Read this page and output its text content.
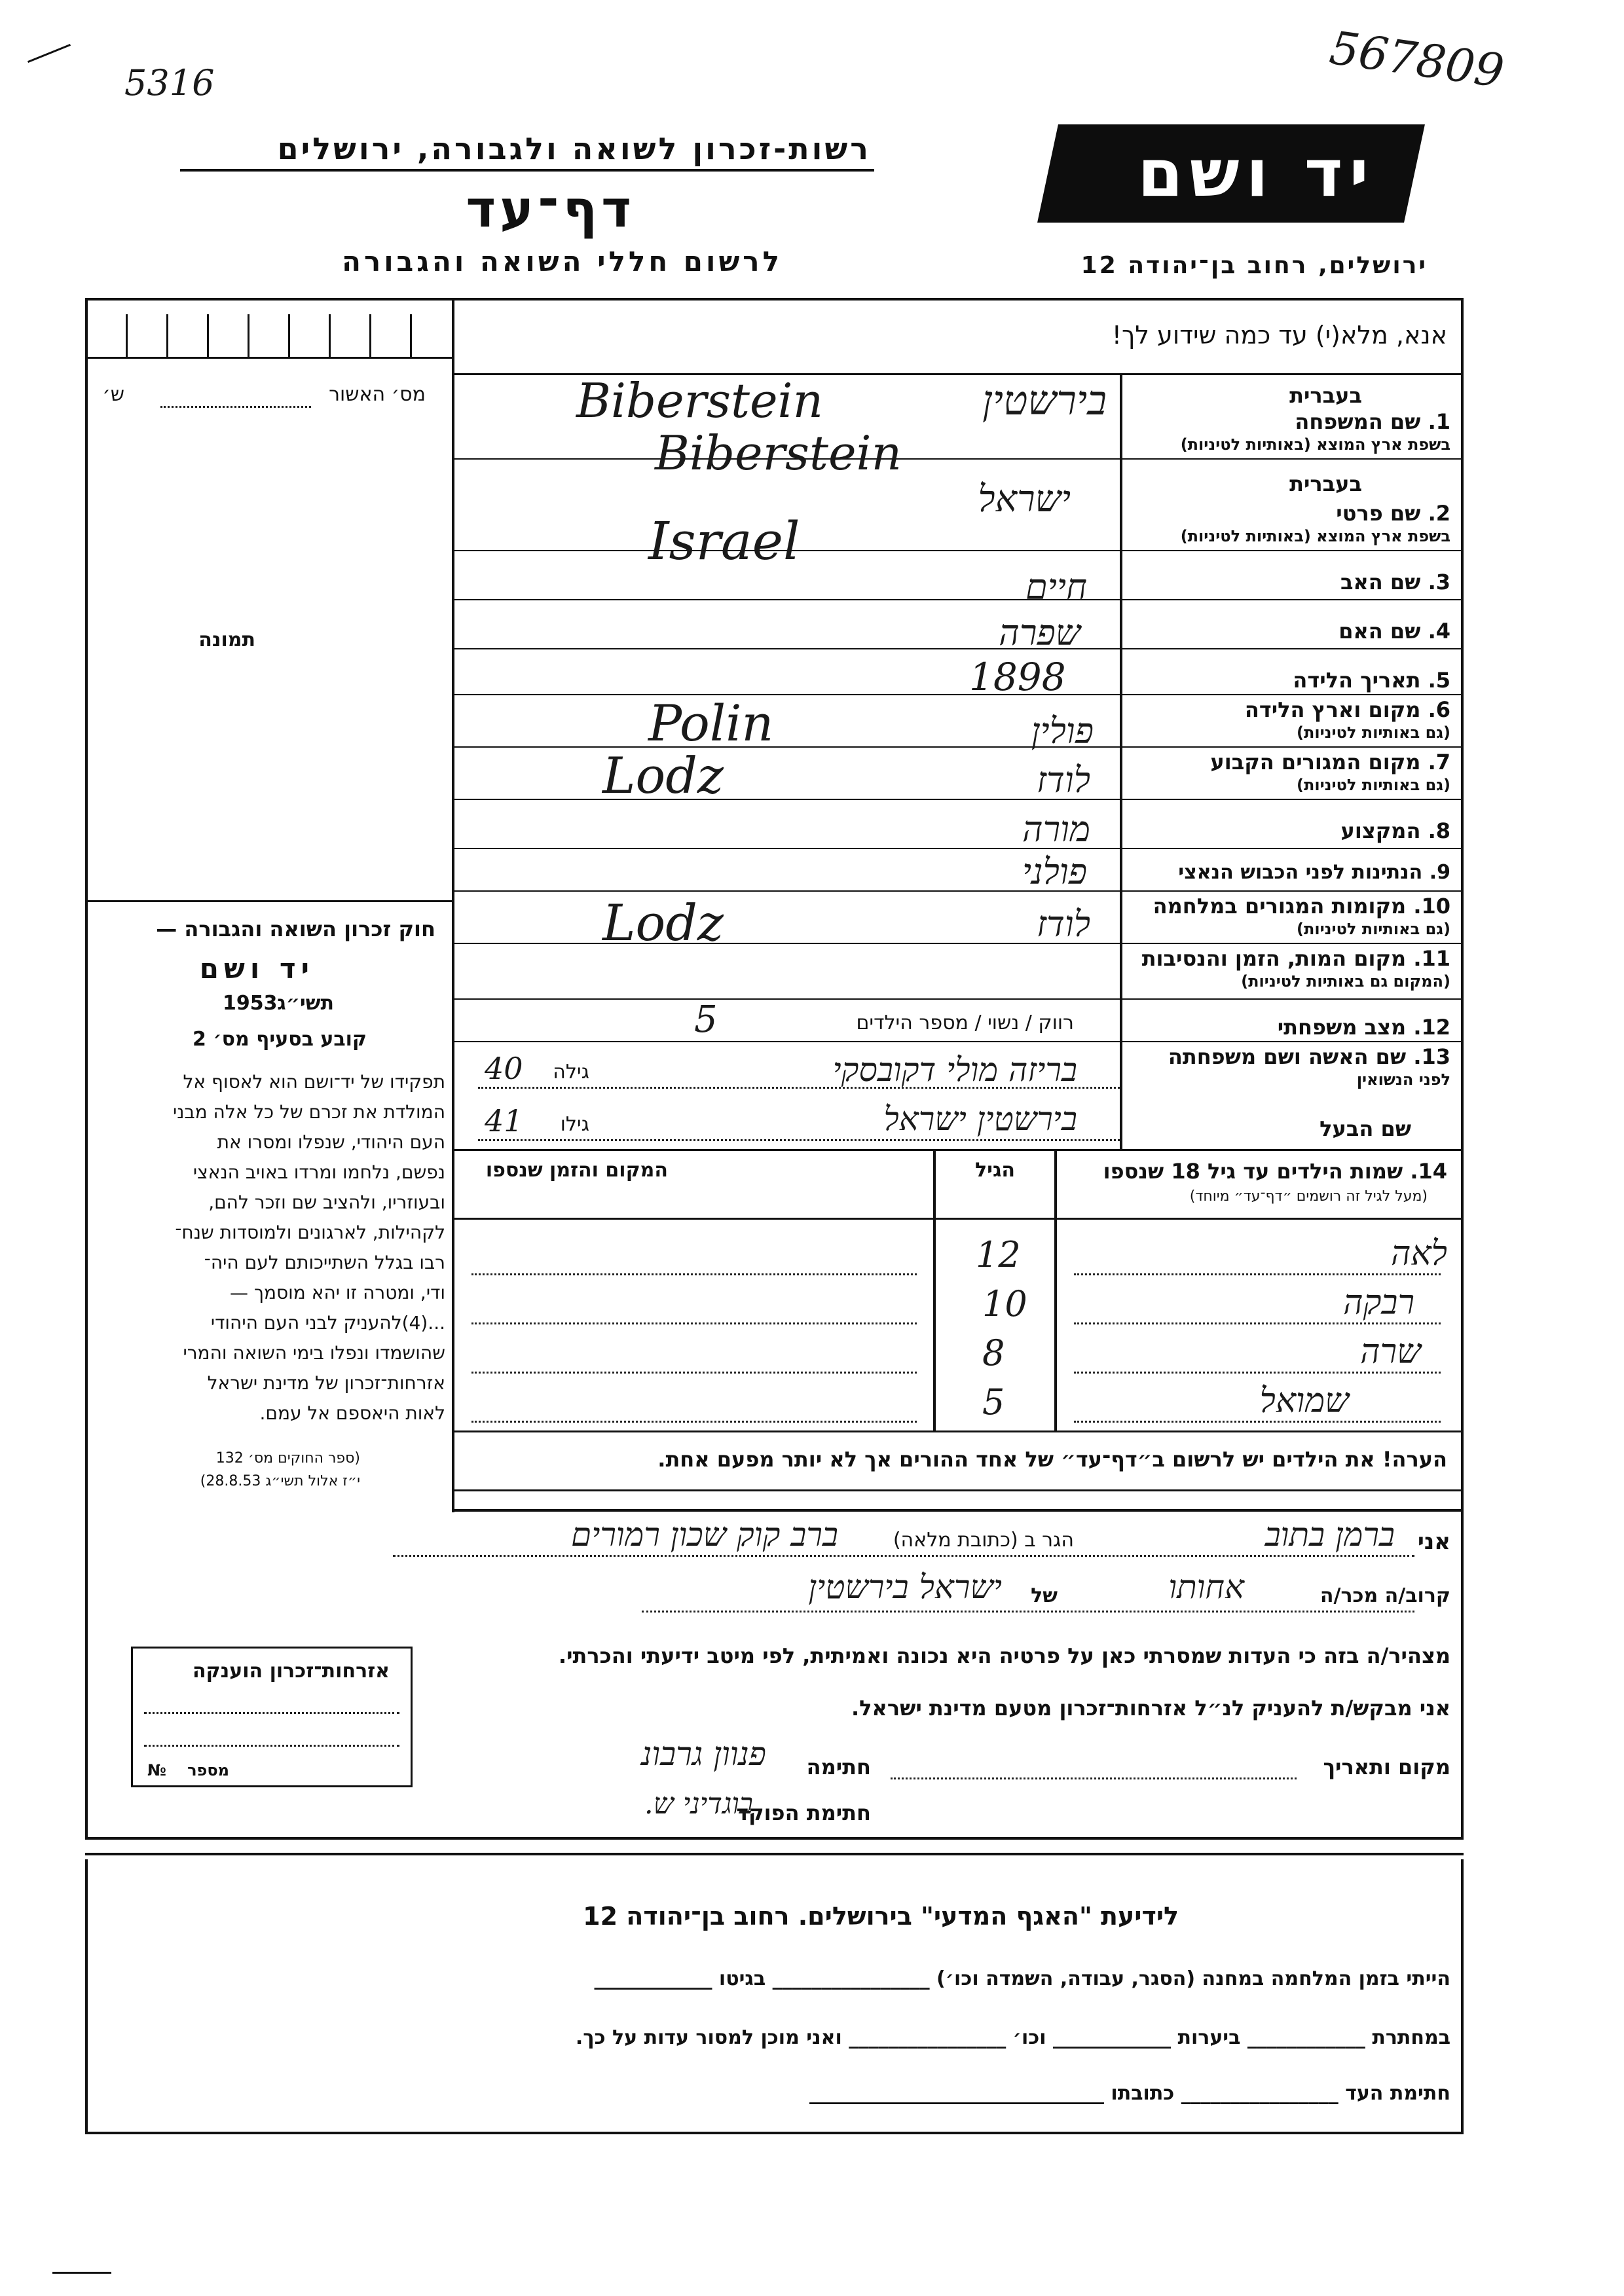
5316	567809
רשות-זכרון לשואה ולגבורה, ירושלים
דף־עד
לרשום חללי השואה והגבורה
יד ושם
ירושלים, רחוב בן־יהודה 12
אנא, מלא(י) עד כמה שידוע לך!
מס׳ האשור
ש׳
תמונה
בעברית
בעברית
1. שם המשפחה
בשפת ארץ המוצא (באותיות לטיניות)
2. שם פרטי
בשפת ארץ המוצא (באותיות לטיניות)
3. שם האב
4. שם האם
5. תאריך הלידה
6. מקום וארץ הלידה
(גם באותיות לטיניות)
7. מקום המגורים הקבוע
(גם באותיות לטיניות)
8. המקצוע
9. הנתינות לפני הכבוש הנאצי
10. מקומות המגורים במלחמה
(גם באותיות לטיניות)
11. מקום המות, הזמן והנסיבות
(המקום גם באותיות לטיניות)
12. מצב משפחתי
13. שם האשה ושם משפחתה
לפני הנשואין
שם הבעל
בירשטין
Biberstein
Biberstein
ישראל
Israel
חיים
שפרה
1898
פולין
Polin
לודז
Lodz
מורה
פולני
לודז
Lodz
רווק / נשוי / מספר הילדים
5
בריזה מולי דקובסקי
גילה
40
בירשטין ישראל
גילו
41
14. שמות הילדים עד גיל 18 שנספו
(מעל לגיל זה רושמים ״דף־עד״ מיוחד)
הגיל
המקום והזמן שנספו
לאה
12
רבקה
10
שרה
8
שמואל
5
הערה! את הילדים יש לרשום ב״דף־עד״ של אחד ההורים אך לא יותר מפעם אחת.
חוק זכרון השואה והגבורה —
יד ושם
תשי״ג
1953
קובע בסעיף מס׳ 2
תפקידו של יד־ושם הוא לאסוף אל
המולדת את זכרם של כל אלה מבני
העם היהודי, שנפלו ומסרו את
נפשם, נלחמו ומרדו באויב הנאצי
ובעוזריו, ולהציב שם וזכר להם,
לקהילות, לארגונים ולמוסדות שנח־
רבו בגלל השתייכותם לעם היה־
ודי, ומטרה זו יהא מוסמך —
...(4)להעניק לבני העם היהודי
שהושמדו ונפלו בימי השואה והמרי
אזרחות־זכרון של מדינת ישראל
לאות היאספם אל עמם.
(ספר החוקים מס׳ 132
י״ז אלול תשי״ג 28.8.53)
אני
ברמן בתוב
הגר ב (כתובת מלאה)
ברב קוק שכון רמורים
קרוב/ה מכר/ה
אחותו
של
ישראל בירשטין
מצהיר/ה בזה כי העדות שמסרתי כאן על פרטיה היא נכונה ואמיתית, לפי מיטב ידיעתי והכרתי.
אני מבקש/ת להעניק לנ״ל אזרחות־זכרון מטעם מדינת ישראל.
מקום ותאריך
חתימה
פנוון גרבונ
חתימת הפוקד
בוגדיני ש.
אזרחות־זכרון הוענקה
№ מספר
לידיעת "האגף המדעי" בירושלים. רחוב בן־יהודה 12
הייתי בזמן המלחמה במחנה (הסגר, עבודה, השמדה וכו׳) ________________ בגיטו ____________
במחתרת ____________ ביערות ____________ וכו׳ ________________ ואני מוכן למסור עדות על כך.
חתימת העד ________________ כתובתו ______________________________
